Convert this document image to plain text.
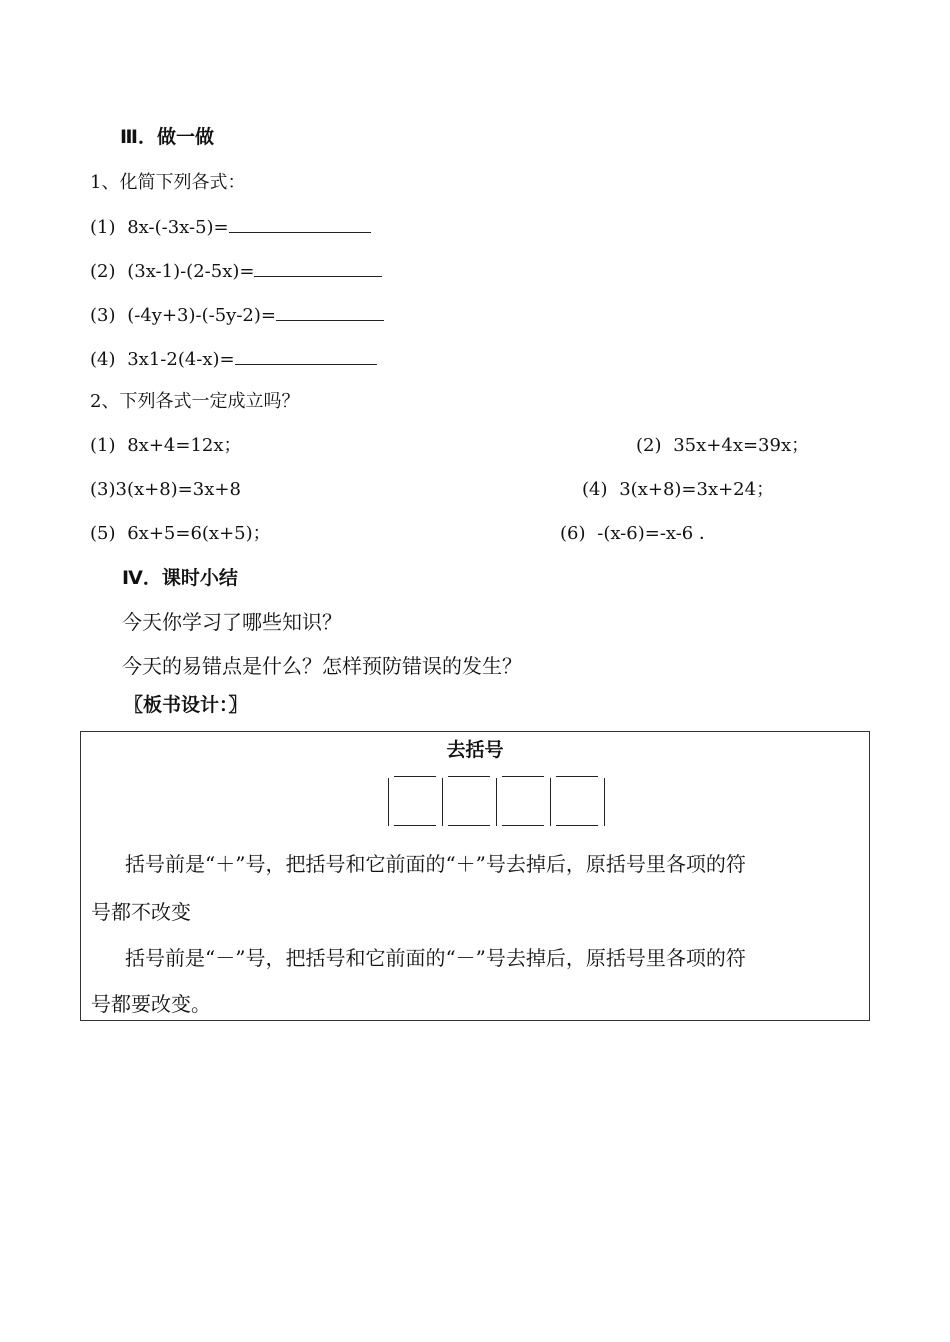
Ⅲ．做一做
1、化简下列各式：
(1) 8x-(-3x-5)=
(2) (3x-1)-(2-5x)=
(3) (-4y+3)-(-5y-2)=
(4) 3x1-2(4-x)=
2、下列各式一定成立吗？
(1) 8x+4=12x；	(2) 35x+4x=39x；
(3)3(x+8)=3x+8	(4) 3(x+8)=3x+24；
(5) 6x+5=6(x+5)；	(6) -(x-6)=-x-6 ．
Ⅳ．课时小结
今天你学习了哪些知识？
今天的易错点是什么？怎样预防错误的发生？
〖板书设计：〗
去括号

括号前是“＋”号，把括号和它前面的“＋”号去掉后，原括号里各项的符

号都不改变

括号前是“－”号，把括号和它前面的“－”号去掉后，原括号里各项的符

号都要改变。
